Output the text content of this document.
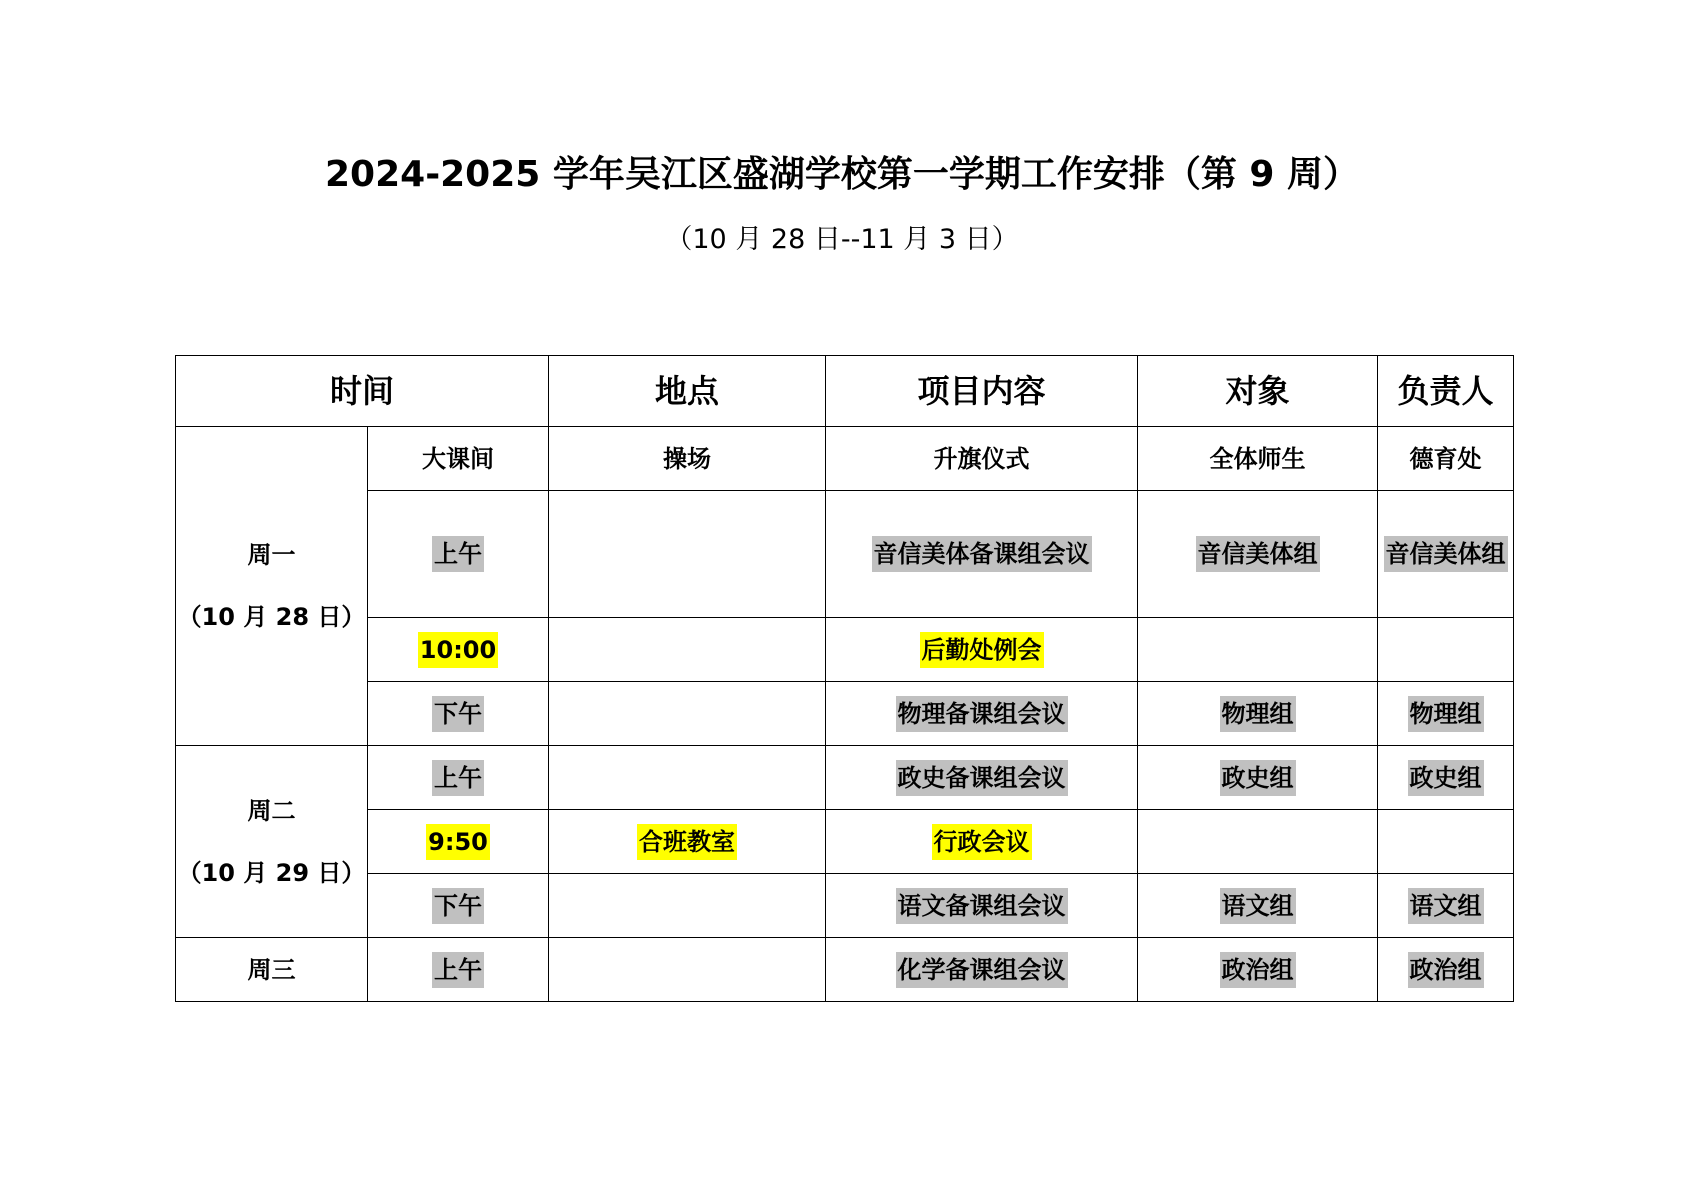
2024-2025 学年吴江区盛湖学校第一学期工作安排（第 9 周）
（10 月 28 日--11 月 3 日）
时间		地点	项目内容	对象	负责人

周一
（10 月 28 日）	大课间	操场	升旗仪式	全体师生	德育处
	上午		音信美体备课组会议	音信美体组	音信美体组
	10:00		后勤处例会		
	下午		物理备课组会议	物理组	物理组

周二
（10 月 29 日）	上午		政史备课组会议	政史组	政史组
	9:50	合班教室	行政会议		
	下午		语文备课组会议	语文组	语文组
周三	上午		化学备课组会议	政治组	政治组
